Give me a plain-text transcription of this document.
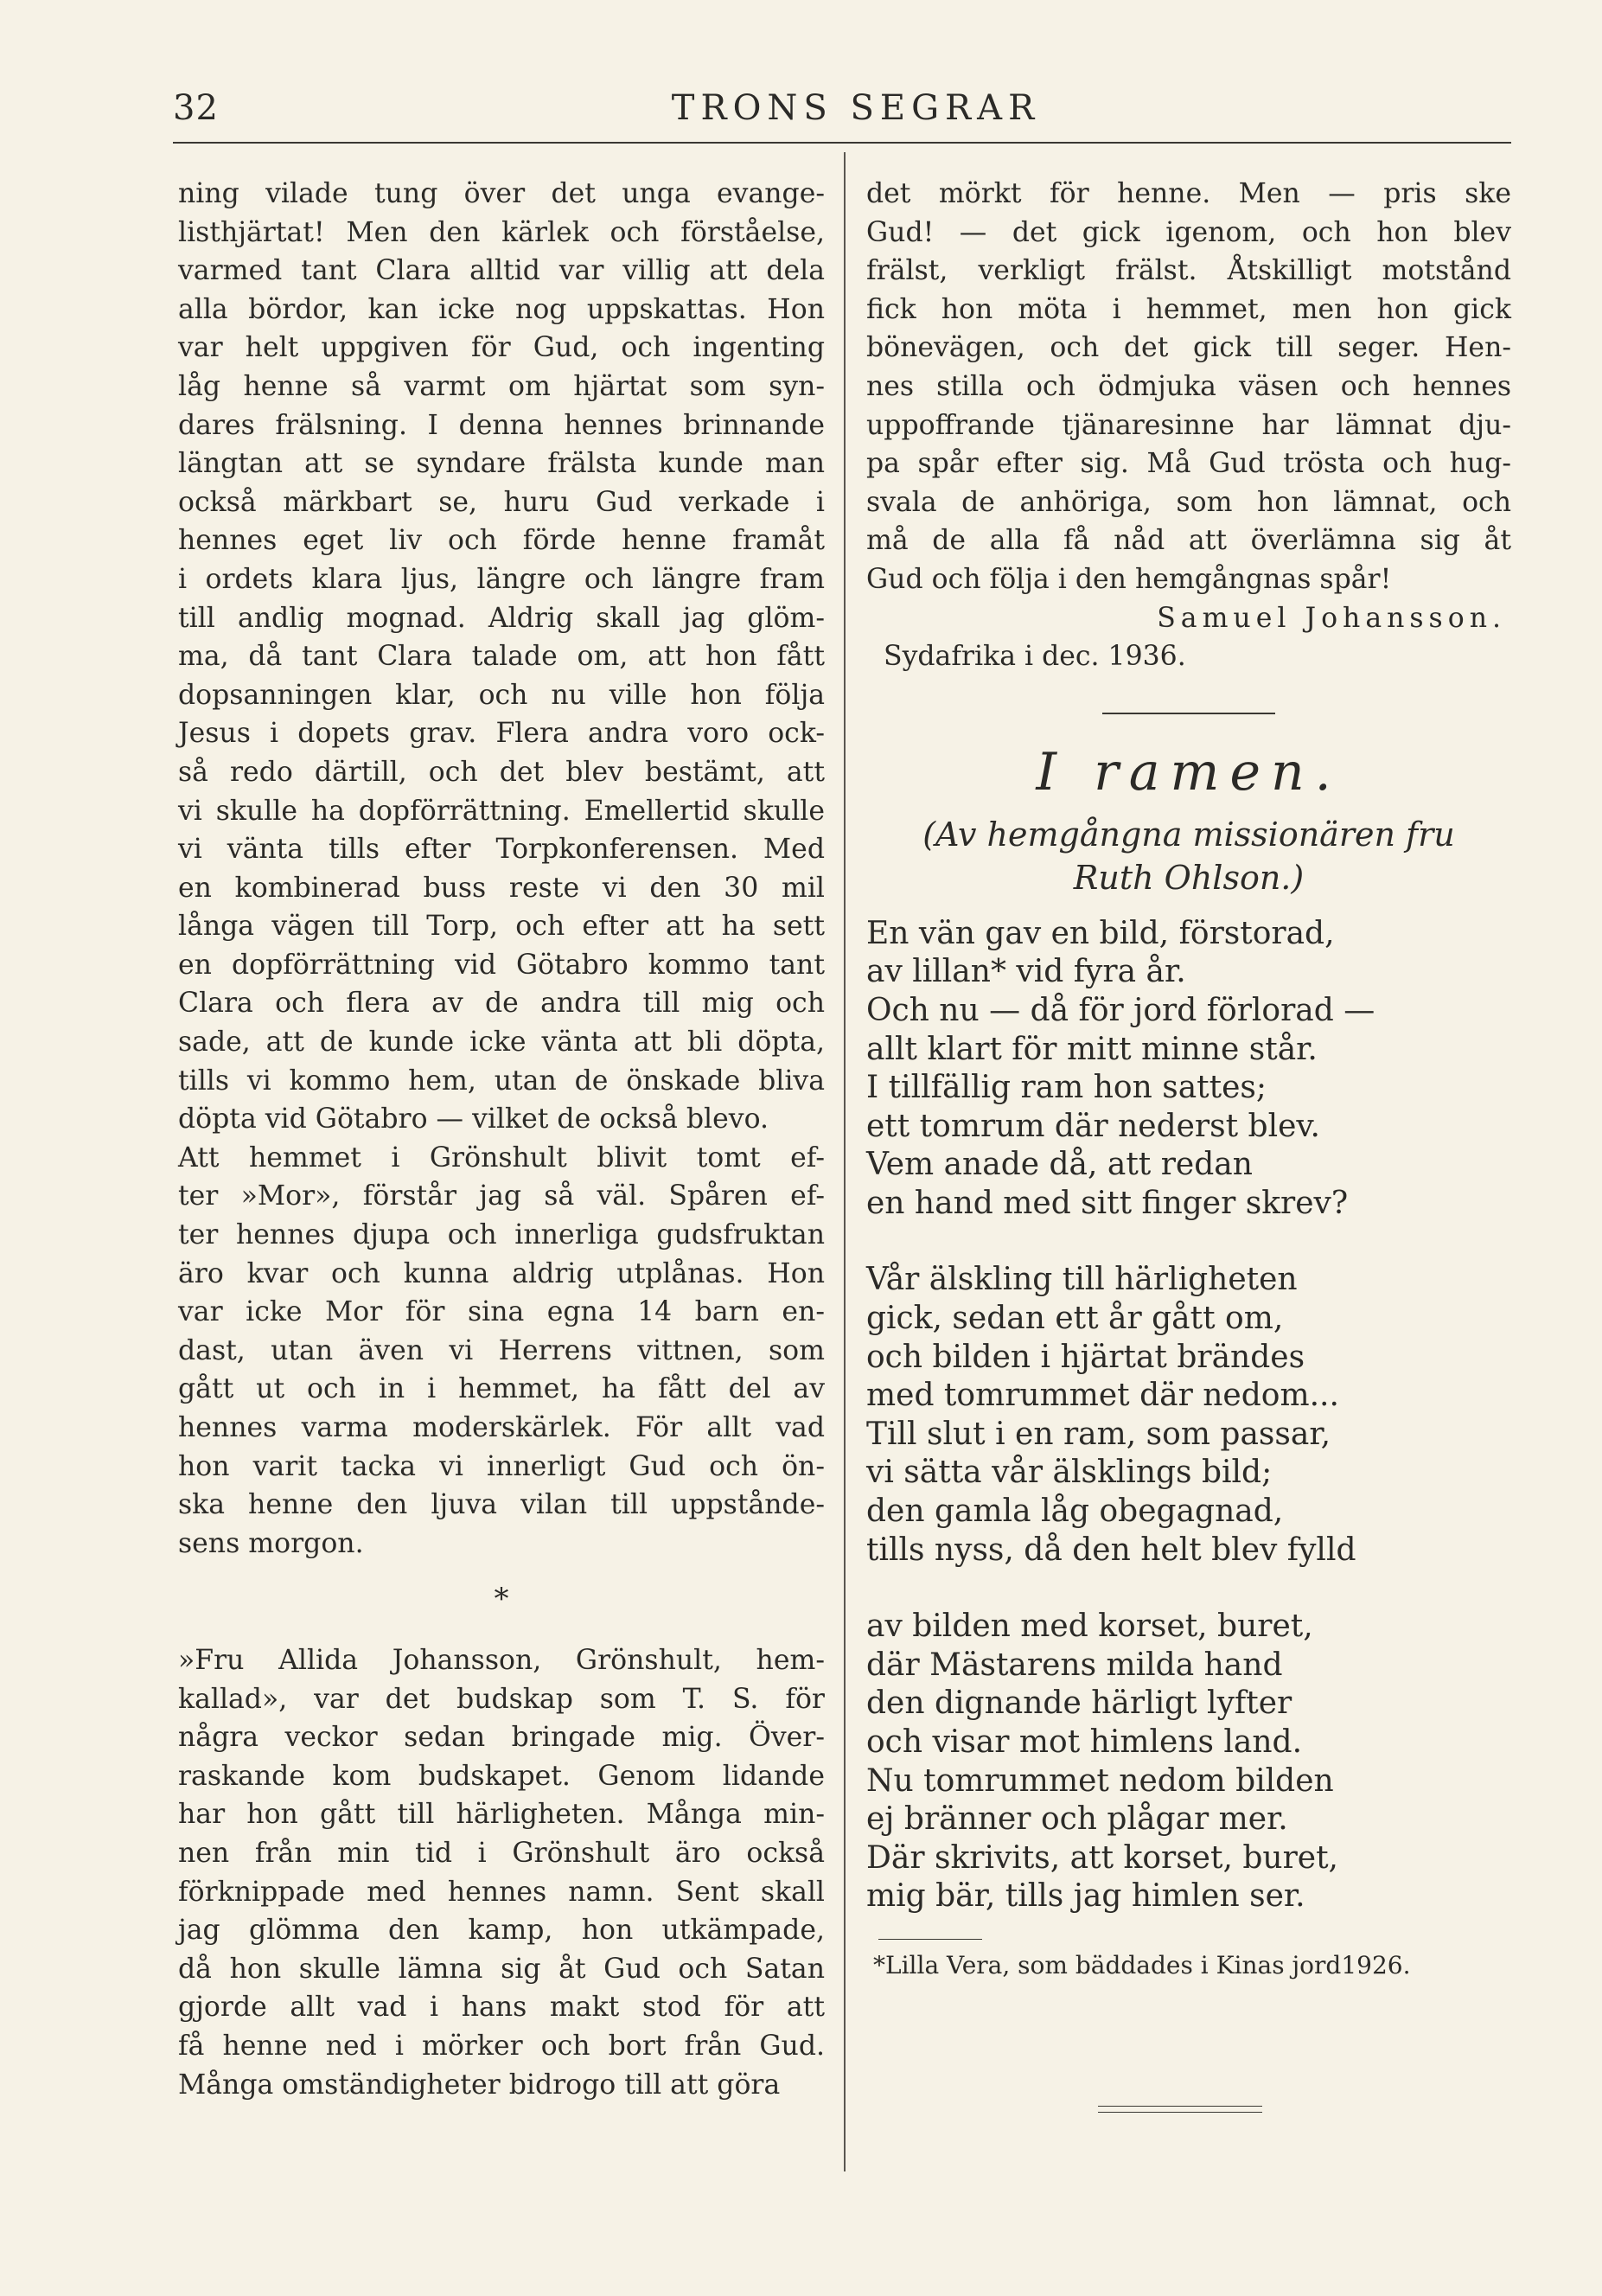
32	TRONS SEGRAR

ning vilade tung över det unga evange-
listhjärtat! Men den kärlek och förståelse,
varmed tant Clara alltid var villig att dela
alla bördor, kan icke nog uppskattas. Hon
var helt uppgiven för Gud, och ingenting
låg henne så varmt om hjärtat som syn-
dares frälsning. I denna hennes brinnande
längtan att se syndare frälsta kunde man
också märkbart se, huru Gud verkade i
hennes eget liv och förde henne framåt
i ordets klara ljus, längre och längre fram
till andlig mognad. Aldrig skall jag glöm-
ma, då tant Clara talade om, att hon fått
dopsanningen klar, och nu ville hon följa
Jesus i dopets grav. Flera andra voro ock-
så redo därtill, och det blev bestämt, att
vi skulle ha dopförrättning. Emellertid skulle
vi vänta tills efter Torpkonferensen. Med
en kombinerad buss reste vi den 30 mil
långa vägen till Torp, och efter att ha sett
en dopförrättning vid Götabro kommo tant
Clara och flera av de andra till mig och
sade, att de kunde icke vänta att bli döpta,
tills vi kommo hem, utan de önskade bliva
döpta vid Götabro — vilket de också blevo.

Att hemmet i Grönshult blivit tomt ef-
ter »Mor», förstår jag så väl. Spåren ef-
ter hennes djupa och innerliga gudsfruktan
äro kvar och kunna aldrig utplånas. Hon
var icke Mor för sina egna 14 barn en-
dast, utan även vi Herrens vittnen, som
gått ut och in i hemmet, ha fått del av
hennes varma moderskärlek. För allt vad
hon varit tacka vi innerligt Gud och ön-
ska henne den ljuva vilan till uppstånde-
sens morgon.

*

»Fru Allida Johansson, Grönshult, hem-
kallad», var det budskap som T. S. för
några veckor sedan bringade mig. Över-
raskande kom budskapet. Genom lidande
har hon gått till härligheten. Många min-
nen från min tid i Grönshult äro också
förknippade med hennes namn. Sent skall
jag glömma den kamp, hon utkämpade,
då hon skulle lämna sig åt Gud och Satan
gjorde allt vad i hans makt stod för att
få henne ned i mörker och bort från Gud.
Många omständigheter bidrogo till att göra

det mörkt för henne. Men — pris ske
Gud! — det gick igenom, och hon blev
frälst, verkligt frälst. Åtskilligt motstånd
fick hon möta i hemmet, men hon gick
bönevägen, och det gick till seger. Hen-
nes stilla och ödmjuka väsen och hennes
uppoffrande tjänaresinne har lämnat dju-
pa spår efter sig. Må Gud trösta och hug-
svala de anhöriga, som hon lämnat, och
må de alla få nåd att överlämna sig åt
Gud och följa i den hemgångnas spår!

Samuel Johansson.
Sydafrika i dec. 1936.
I ramen.
(Av hemgångna missionären fru
Ruth Ohlson.)
En vän gav en bild, förstorad,
av lillan* vid fyra år.
Och nu — då för jord förlorad —
allt klart för mitt minne står.
I tillfällig ram hon sattes;
ett tomrum där nederst blev.
Vem anade då, att redan
en hand med sitt finger skrev?
Vår älskling till härligheten
gick, sedan ett år gått om,
och bilden i hjärtat brändes
med tomrummet där nedom...
Till slut i en ram, som passar,
vi sätta vår älsklings bild;
den gamla låg obegagnad,
tills nyss, då den helt blev fylld
av bilden med korset, buret,
där Mästarens milda hand
den dignande härligt lyfter
och visar mot himlens land.
Nu tomrummet nedom bilden
ej bränner och plågar mer.
Där skrivits, att korset, buret,
mig bär, tills jag himlen ser.
*Lilla Vera, som bäddades i Kinas jord1926.
